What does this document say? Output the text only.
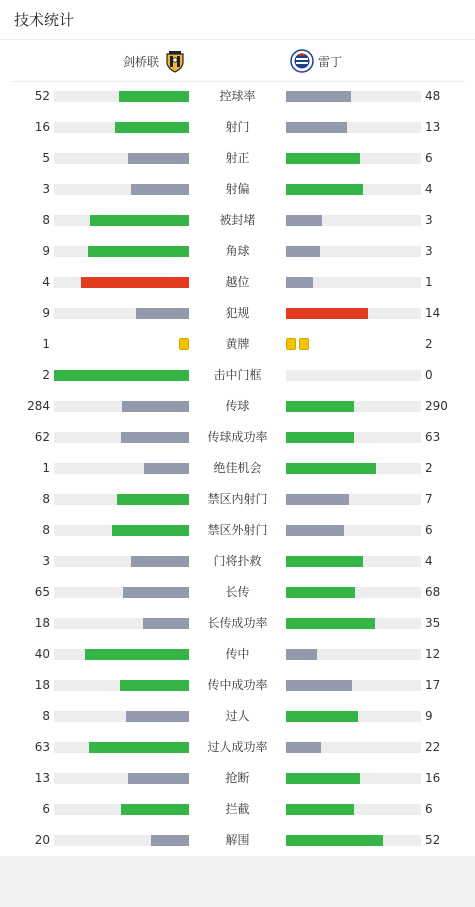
技术统计
剑桥联	雷丁
52	控球率	48
16	射门	13
5	射正	6
3	射偏	4
8	被封堵	3
9	角球	3
4	越位	1
9	犯规	14
1	黄牌	2
2	击中门框	0
284	传球	290
62	传球成功率	63
1	绝佳机会	2
8	禁区内射门	7
8	禁区外射门	6
3	门将扑救	4
65	长传	68
18	长传成功率	35
40	传中	12
18	传中成功率	17
8	过人	9
63	过人成功率	22
13	抢断	16
6	拦截	6
20	解围	52
